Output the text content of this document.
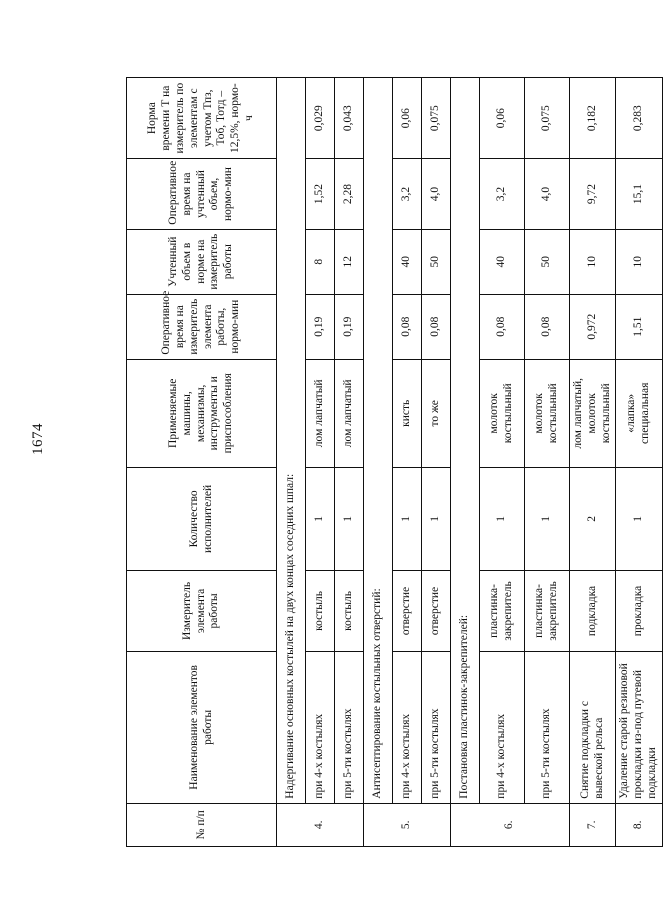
1674
№ п/п	Наименование элементов работы	Измеритель элемента работы	Количество исполнителей	Применяемые машины, механизмы, инструменты и приспособления	Оперативное время на измеритель элемента работы, нормо-мин	Учтенный объем в норме на измеритель работы	Оперативное время на учтенный объем, нормо-мин	Норма времени Т на измеритель по элементам с учетом Тпз, Тоб, Тотд – 12,5%, нормо-ч
4.	Надергивание основных костылей на двух концах соседних шпал:							
	при 4-х костылях	костыль	1	лом лапчатый	0,19	8	1,52	0,029
	при 5-ти костылях	костыль	1	лом лапчатый	0,19	12	2,28	0,043
5.	Антисептирование костыльных отверстий:							
	при 4-х костылях	отверстие	1	кисть	0,08	40	3,2	0,06
	при 5-ти костылях	отверстие	1	то же	0,08	50	4,0	0,075
6.	Постановка пластинок-закрепителей:							
	при 4-х костылях	пластинка-закрепитель	1	молоток костыльный	0,08	40	3,2	0,06
	при 5-ти костылях	пластинка-закрепитель	1	молоток костыльный	0,08	50	4,0	0,075
7.	Снятие подкладки с вывеской рельса	подкладка	2	лом лапчатый, молоток костыльный	0,972	10	9,72	0,182
8.	Удаление старой резиновой прокладки из-под путевой подкладки	прокладка	1	«лапка» специальная	1,51	10	15,1	0,283
